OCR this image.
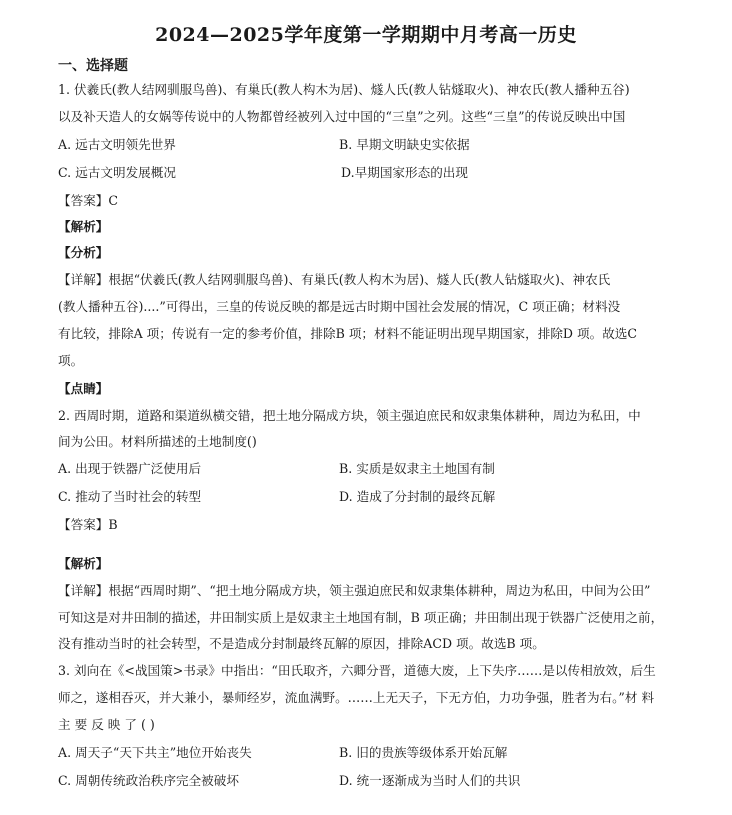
2024—2025学年度第一学期期中月考高一历史
一、选择题
1. 伏羲氏(教人结网驯服鸟兽)、有巢氏(教人构木为居)、燧人氏(教人钻燧取火)、神农氏(教人播种五谷)
以及补天造人的女娲等传说中的人物都曾经被列入过中国的“三皇”之列。这些“三皇”的传说反映出中国
A. 远古文明领先世界	B. 早期文明缺史实依据
C. 远古文明发展概况	D.早期国家形态的出现
【答案】C
【解析】
【分析】
【详解】根据“伏羲氏(教人结网驯服鸟兽)、有巢氏(教人构木为居)、燧人氏(教人钻燧取火)、神农氏
(教人播种五谷)....”可得出，三皇的传说反映的都是远古时期中国社会发展的情况，C 项正确；材料没
有比较，排除A 项；传说有一定的参考价值，排除B 项；材料不能证明出现早期国家，排除D 项。故选C
项。
【点睛】
2. 西周时期，道路和渠道纵横交错，把土地分隔成方块，领主强迫庶民和奴隶集体耕种，周边为私田，中
间为公田。材料所描述的土地制度()
A. 出现于铁器广泛使用后	B. 实质是奴隶主土地国有制
C. 推动了当时社会的转型	D. 造成了分封制的最终瓦解
【答案】B
【解析】
【详解】根据“西周时期”、“把土地分隔成方块，领主强迫庶民和奴隶集体耕种，周边为私田，中间为公田”
可知这是对井田制的描述，井田制实质上是奴隶主土地国有制，B 项正确；井田制出现于铁器广泛使用之前，
没有推动当时的社会转型，不是造成分封制最终瓦解的原因，排除ACD 项。故选B 项。
3. 刘向在《<战国策>书录》中指出：“田氏取齐，六卿分晋，道德大废，上下失序……是以传相放效，后生
师之，遂相吞灭，并大兼小，暴师经岁，流血满野。……上无天子，下无方伯，力功争强，胜者为右。”材 料
主 要 反 映 了 ( )
A. 周天子“天下共主”地位开始丧失	B. 旧的贵族等级体系开始瓦解
C. 周朝传统政治秩序完全被破坏	D. 统一逐渐成为当时人们的共识
